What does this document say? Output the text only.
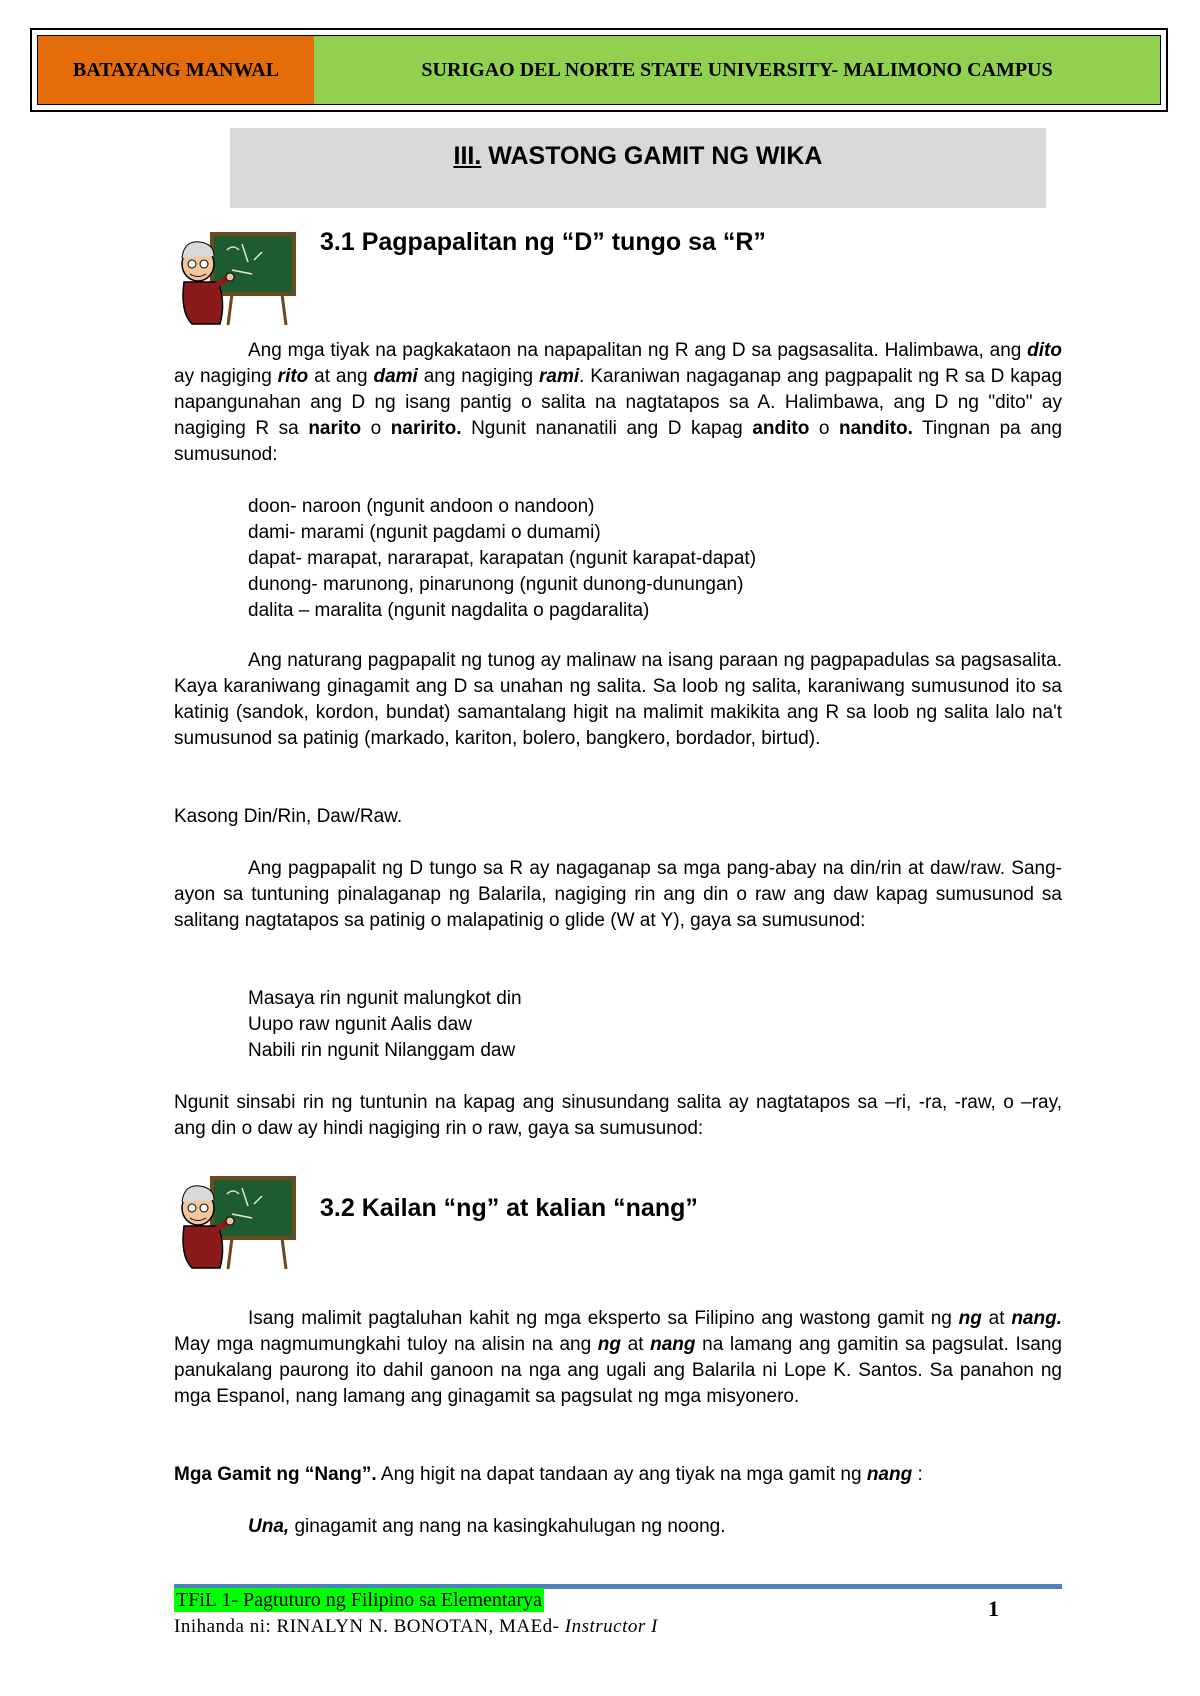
BATAYANG MANWAL	SURIGAO DEL NORTE STATE UNIVERSITY- MALIMONO CAMPUS
III. WASTONG GAMIT NG WIKA
3.1 Pagpapalitan ng “D” tungo sa “R”

Ang mga tiyak na pagkakataon na napapalitan ng R ang D sa pagsasalita. Halimbawa, ang dito ay nagiging rito at ang dami ang nagiging rami. Karaniwan nagaganap ang pagpapalit ng R sa D kapag napangunahan ang D ng isang pantig o salita na nagtatapos sa A. Halimbawa, ang D ng "dito" ay nagiging R sa narito o naririto. Ngunit nananatili ang D kapag andito o nandito. Tingnan pa ang sumusunod:

doon- naroon (ngunit andoon o nandoon)
dami- marami (ngunit pagdami o dumami)
dapat- marapat, nararapat, karapatan (ngunit karapat-dapat)
dunong- marunong, pinarunong (ngunit dunong-dunungan)
dalita – maralita (ngunit nagdalita o pagdaralita)

Ang naturang pagpapalit ng tunog ay malinaw na isang paraan ng pagpapadulas sa pagsasalita. Kaya karaniwang ginagamit ang D sa unahan ng salita. Sa loob ng salita, karaniwang sumusunod ito sa katinig (sandok, kordon, bundat) samantalang higit na malimit makikita ang R sa loob ng salita lalo na't sumusunod sa patinig (markado, kariton, bolero, bangkero, bordador, birtud).

Kasong Din/Rin, Daw/Raw.

Ang pagpapalit ng D tungo sa R ay nagaganap sa mga pang-abay na din/rin at daw/raw. Sang-ayon sa tuntuning pinalaganap ng Balarila, nagiging rin ang din o raw ang daw kapag sumusunod sa salitang nagtatapos sa patinig o malapatinig o glide (W at Y), gaya sa sumusunod:

Masaya rin ngunit malungkot din
Uupo raw ngunit Aalis daw
Nabili rin ngunit Nilanggam daw

Ngunit sinsabi rin ng tuntunin na kapag ang sinusundang salita ay nagtatapos sa –ri, -ra, -raw, o –ray, ang din o daw ay hindi nagiging rin o raw, gaya sa sumusunod:

3.2 Kailan “ng” at kalian “nang”

Isang malimit pagtaluhan kahit ng mga eksperto sa Filipino ang wastong gamit ng ng at nang. May mga nagmumungkahi tuloy na alisin na ang ng at nang na lamang ang gamitin sa pagsulat. Isang panukalang paurong ito dahil ganoon na nga ang ugali ang Balarila ni Lope K. Santos. Sa panahon ng mga Espanol, nang lamang ang ginagamit sa pagsulat ng mga misyonero.

Mga Gamit ng “Nang”. Ang higit na dapat tandaan ay ang tiyak na mga gamit ng nang :

Una, ginagamit ang nang na kasingkahulugan ng noong.

TFiL 1- Pagtuturo ng Filipino sa Elementarya
Inihanda ni: RINALYN N. BONOTAN, MAEd- Instructor I
1
